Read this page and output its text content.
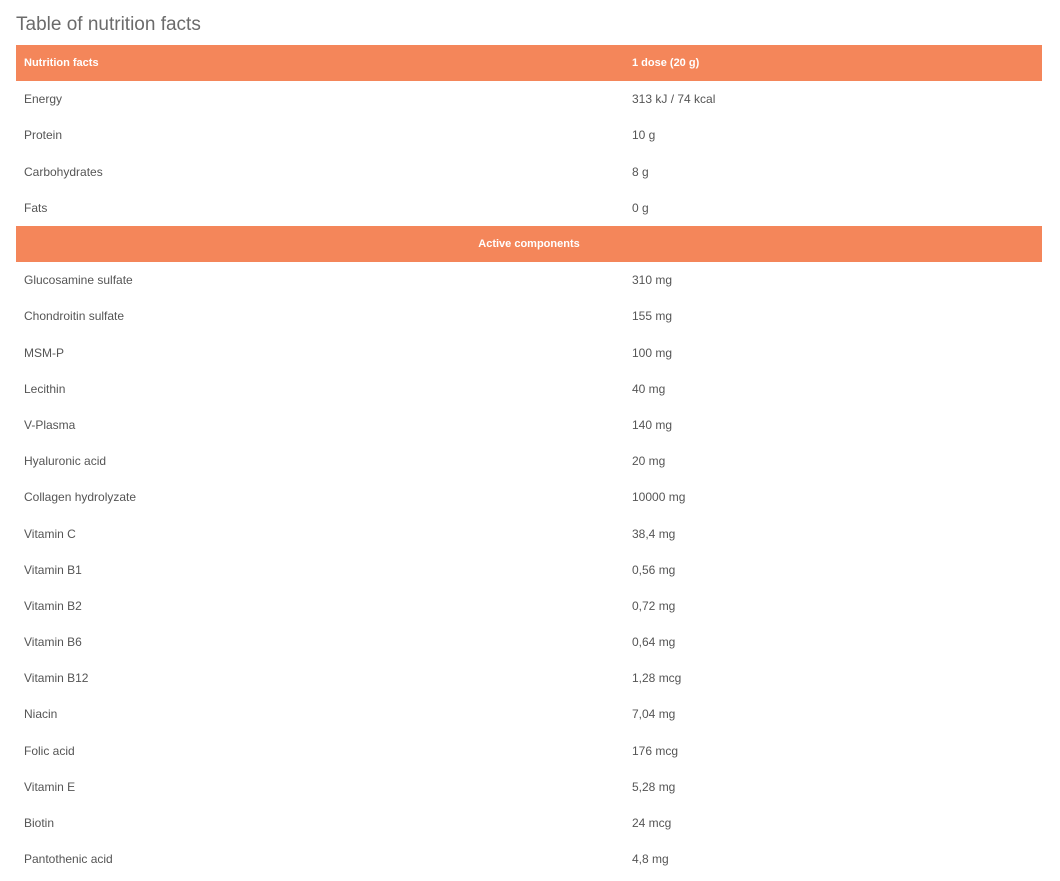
Table of nutrition facts
Nutrition facts	1 dose (20 g)
Energy	313 kJ / 74 kcal
Protein	10 g
Carbohydrates	8 g
Fats	0 g
Active components
Glucosamine sulfate	310 mg
Chondroitin sulfate	155 mg
MSM-P	100 mg
Lecithin	40 mg
V-Plasma	140 mg
Hyaluronic acid	20 mg
Collagen hydrolyzate	10000 mg
Vitamin C	38,4 mg
Vitamin B1	0,56 mg
Vitamin B2	0,72 mg
Vitamin B6	0,64 mg
Vitamin B12	1,28 mcg
Niacin	7,04 mg
Folic acid	176 mcg
Vitamin E	5,28 mg
Biotin	24 mcg
Pantothenic acid	4,8 mg
